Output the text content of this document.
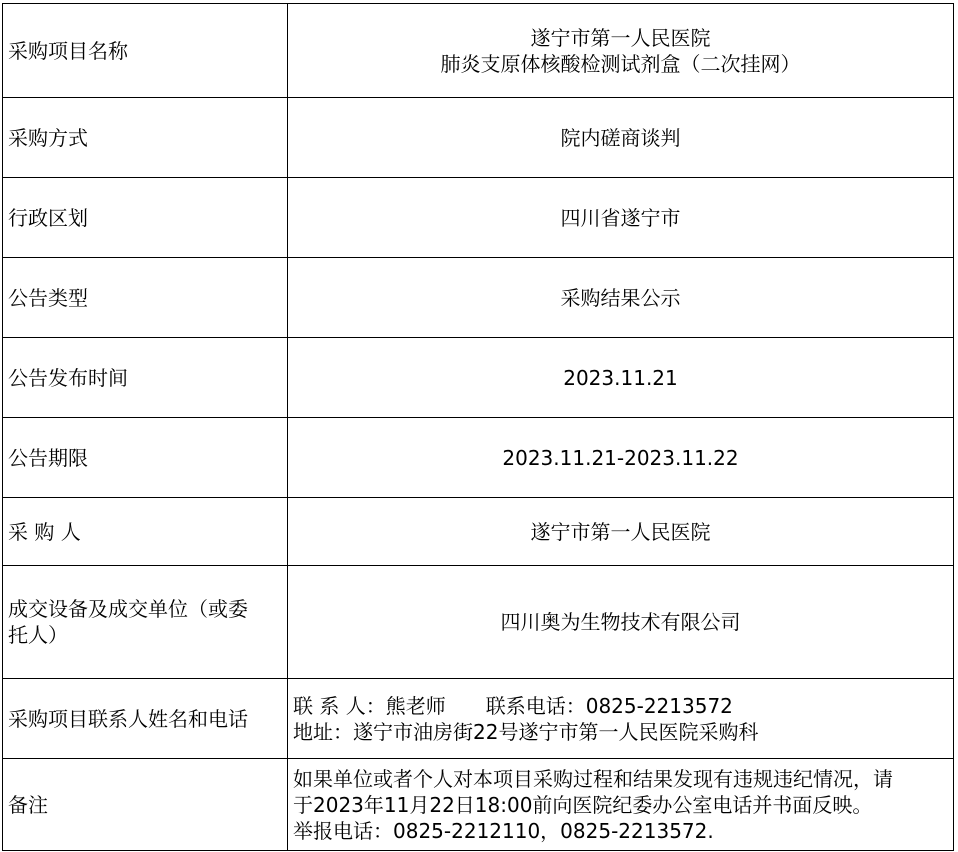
采购项目名称	遂宁市第一人民医院
肺炎支原体核酸检测试剂盒（二次挂网）

采购方式	院内磋商谈判
行政区划	四川省遂宁市
公告类型	采购结果公示
公告发布时间	2023.11.21
公告期限	2023.11.21-2023.11.22
采 购 人	遂宁市第一人民医院

成交设备及成交单位（或委
托人）	四川奥为生物技术有限公司
采购项目联系人姓名和电话	联 系 人：熊老师 联系电话：0825-2213572
地址：遂宁市油房街22号遂宁市第一人民医院采购科

备注	如果单位或者个人对本项目采购过程和结果发现有违规违纪情况，请
于2023年11月22日18:00前向医院纪委办公室电话并书面反映。
举报电话：0825-2212110，0825-2213572.
